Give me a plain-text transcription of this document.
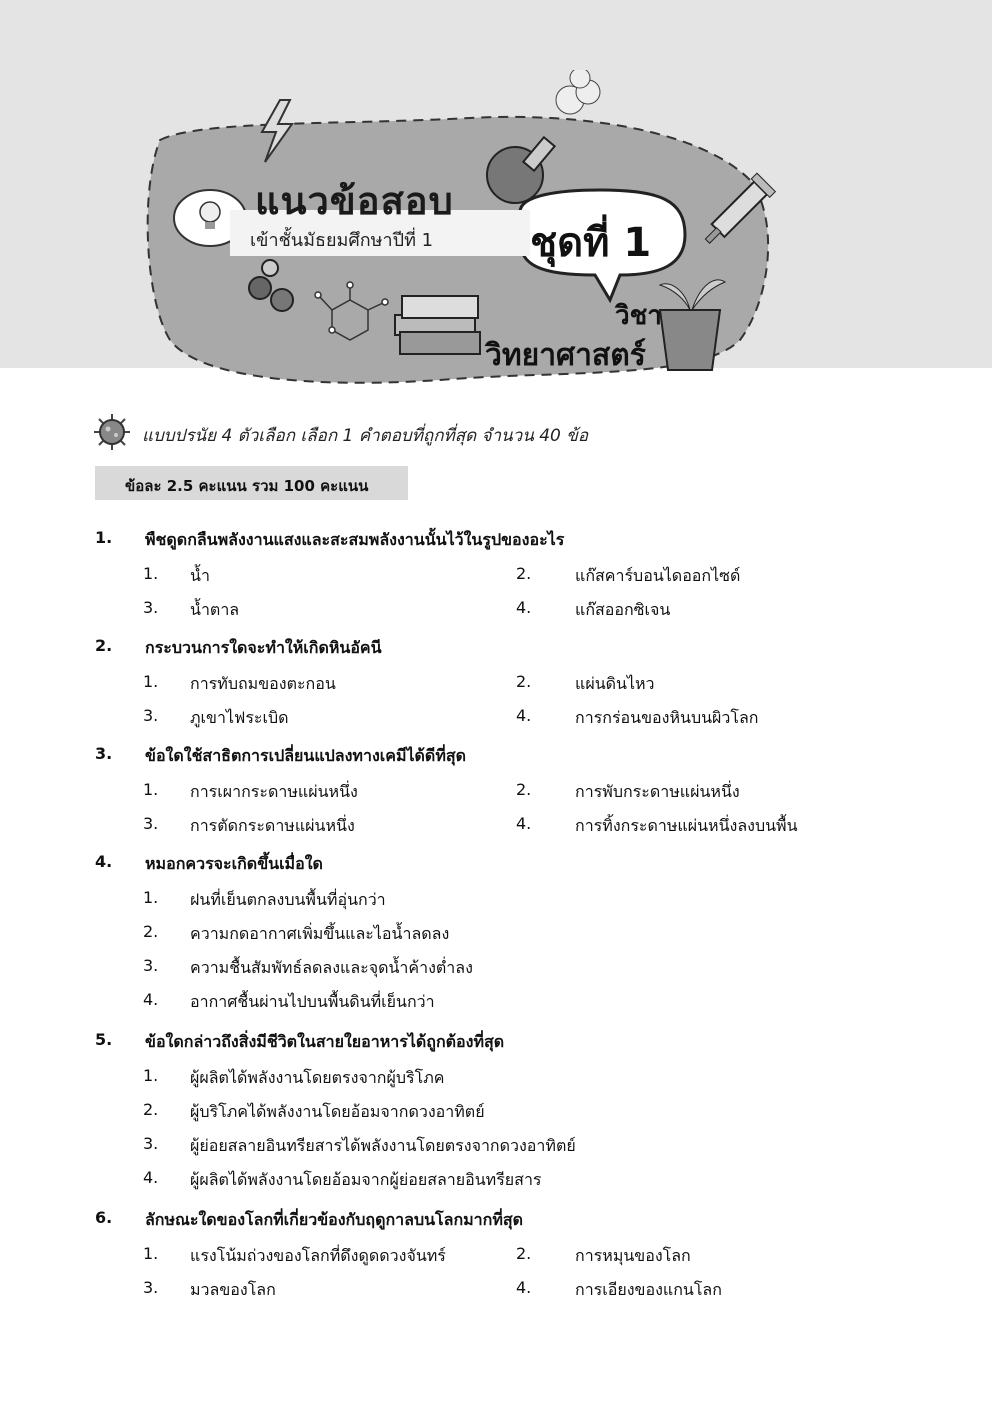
แนวข้อสอบ
เข้าชั้นมัธยมศึกษาปีที่ 1 ชุดที่ 1
วิชา
วิทยาศาสตร์
แบบปรนัย 4 ตัวเลือก เลือก 1 คำตอบที่ถูกที่สุด จำนวน 40 ข้อ
ข้อละ 2.5 คะแนน รวม 100 คะแนน
1. พืชดูดกลืนพลังงานแสงและสะสมพลังงานนั้นไว้ในรูปของอะไร
1. น้ำ	2.	แก๊สคาร์บอนไดออกไซด์
3. น้ำตาล	4.	แก๊สออกซิเจน
2. กระบวนการใดจะทำให้เกิดหินอัคนี
1. การทับถมของตะกอน	2.	แผ่นดินไหว
3. ภูเขาไฟระเบิด	4.	การกร่อนของหินบนผิวโลก
3. ข้อใดใช้สาธิตการเปลี่ยนแปลงทางเคมีได้ดีที่สุด
1. การเผากระดาษแผ่นหนึ่ง	2.	การพับกระดาษแผ่นหนึ่ง
3. การตัดกระดาษแผ่นหนึ่ง	4.	การทิ้งกระดาษแผ่นหนึ่งลงบนพื้น
4. หมอกควรจะเกิดขึ้นเมื่อใด
1. ฝนที่เย็นตกลงบนพื้นที่อุ่นกว่า
2. ความกดอากาศเพิ่มขึ้นและไอน้ำลดลง
3. ความชื้นสัมพัทธ์ลดลงและจุดน้ำค้างต่ำลง
4. อากาศชื้นผ่านไปบนพื้นดินที่เย็นกว่า
5. ข้อใดกล่าวถึงสิ่งมีชีวิตในสายใยอาหารได้ถูกต้องที่สุด
1. ผู้ผลิตได้พลังงานโดยตรงจากผู้บริโภค
2. ผู้บริโภคได้พลังงานโดยอ้อมจากดวงอาทิตย์
3. ผู้ย่อยสลายอินทรียสารได้พลังงานโดยตรงจากดวงอาทิตย์
4. ผู้ผลิตได้พลังงานโดยอ้อมจากผู้ย่อยสลายอินทรียสาร
6. ลักษณะใดของโลกที่เกี่ยวข้องกับฤดูกาลบนโลกมากที่สุด
1. แรงโน้มถ่วงของโลกที่ดึงดูดดวงจันทร์	2.	การหมุนของโลก
3. มวลของโลก	4.	การเอียงของแกนโลก
